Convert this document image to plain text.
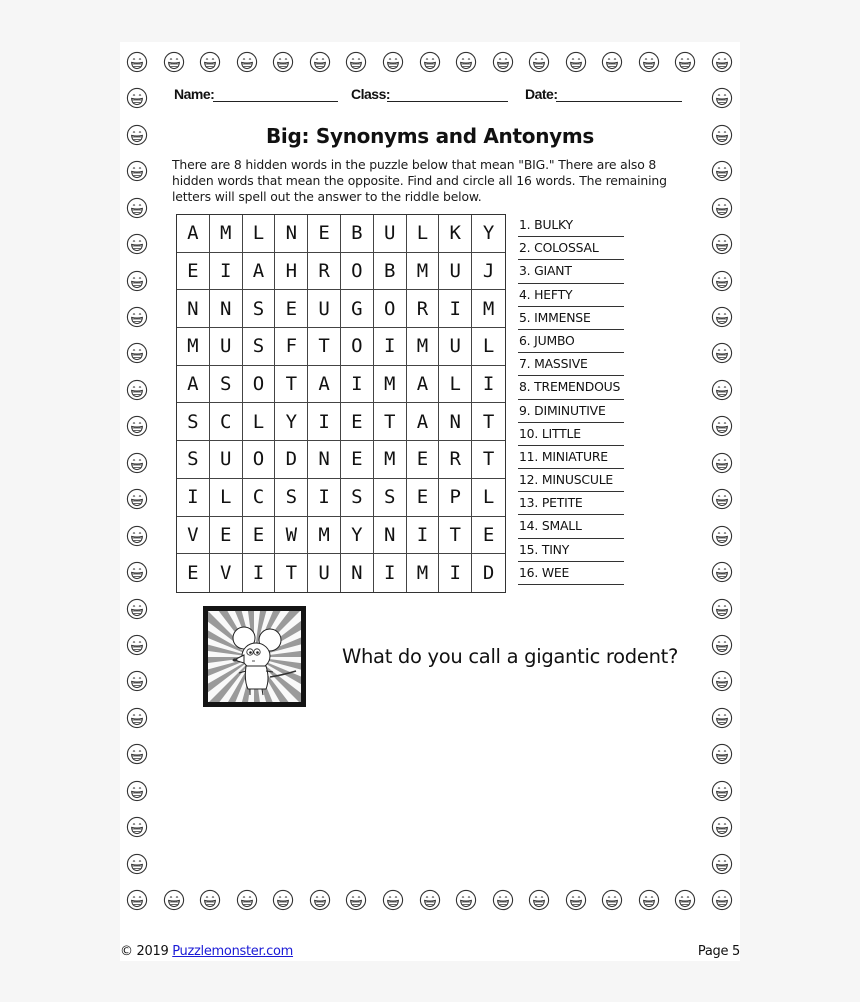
Name:	Class:	Date:
Big: Synonyms and Antonyms
There are 8 hidden words in the puzzle below that mean "BIG." There are also 8 hidden words that mean the opposite. Find and circle all 16 words. The remaining letters will spell out the answer to the riddle below.
A	M	L	N	E	B	U	L	K	Y
E	I	A	H	R	O	B	M	U	J
N	N	S	E	U	G	O	R	I	M
M	U	S	F	T	O	I	M	U	L
A	S	O	T	A	I	M	A	L	I
S	C	L	Y	I	E	T	A	N	T
S	U	O	D	N	E	M	E	R	T
I	L	C	S	I	S	S	E	P	L
V	E	E	W	M	Y	N	I	T	E
E	V	I	T	U	N	I	M	I	D
1. BULKY
2. COLOSSAL
3. GIANT
4. HEFTY
5. IMMENSE
6. JUMBO
7. MASSIVE
8. TREMENDOUS
9. DIMINUTIVE
10. LITTLE
11. MINIATURE
12. MINUSCULE
13. PETITE
14. SMALL
15. TINY
16. WEE
What do you call a gigantic rodent?
© 2019 Puzzlemonster.com	Page 5
